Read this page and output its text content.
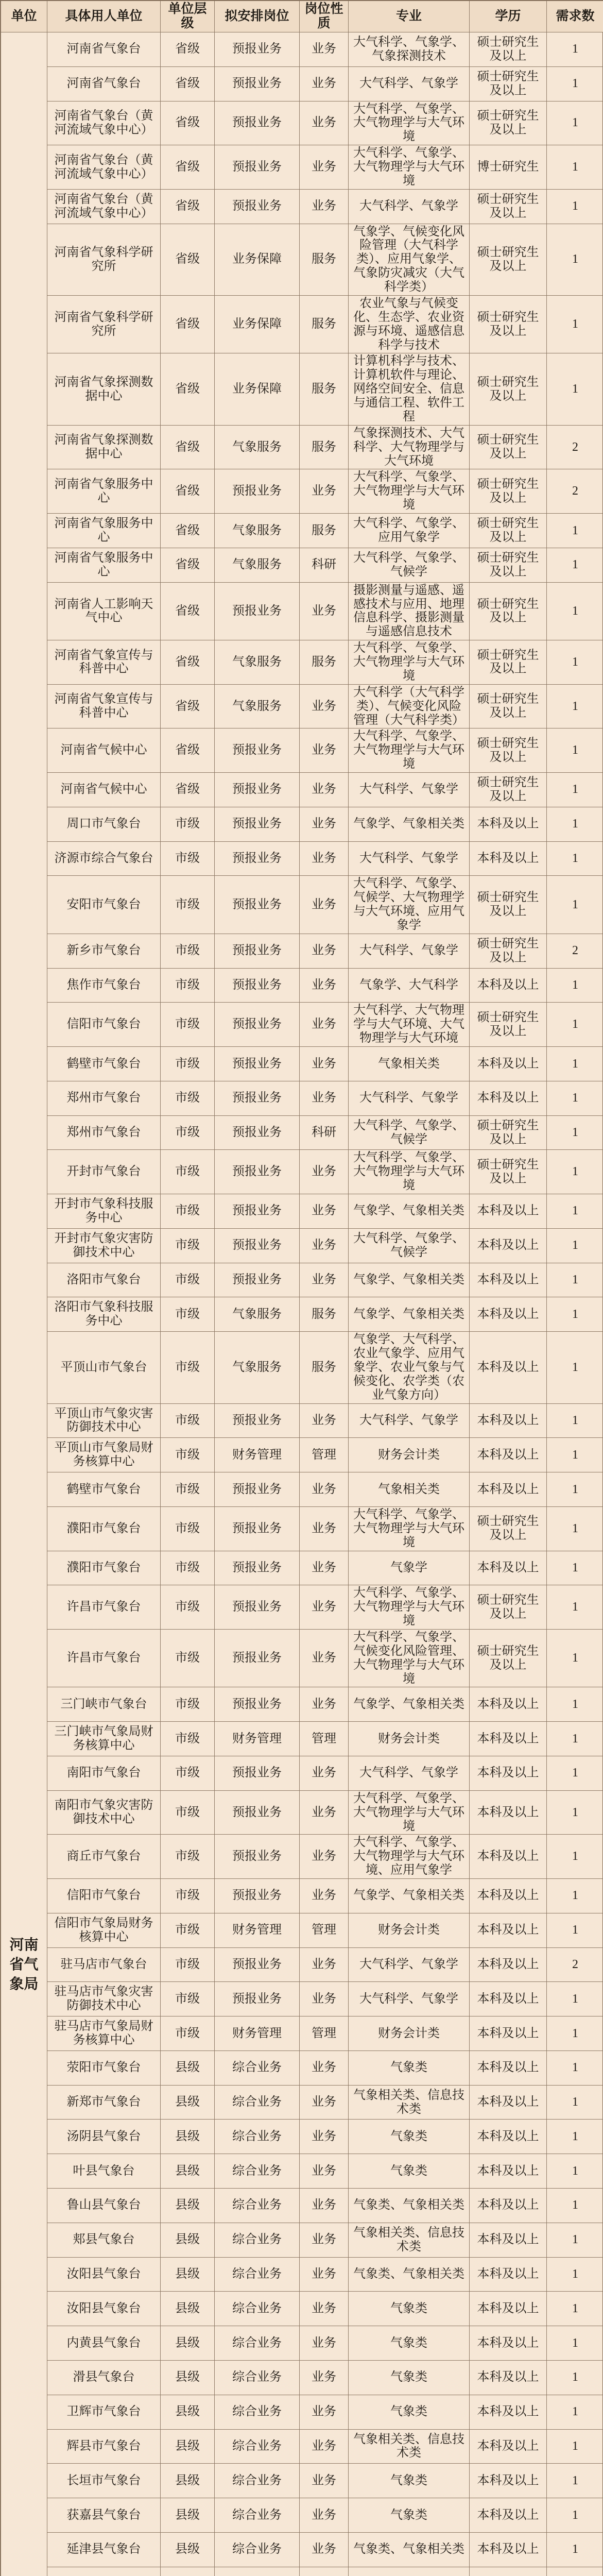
单位	具体用人单位	单位层级	拟安排岗位	岗位性质	专业	学历	需求数
河南省气象局	河南省气象台	省级	预报业务	业务	大气科学、气象学、气象探测技术	硕士研究生及以上	1
	河南省气象台	省级	预报业务	业务	大气科学、气象学	硕士研究生及以上	1
	河南省气象台（黄河流域气象中心）	省级	预报业务	业务	大气科学、气象学、大气物理学与大气环境	硕士研究生及以上	1
	河南省气象台（黄河流域气象中心）	省级	预报业务	业务	大气科学、气象学、大气物理学与大气环境	博士研究生	1
	河南省气象台（黄河流域气象中心）	省级	预报业务	业务	大气科学、气象学	硕士研究生及以上	1
	河南省气象科学研究所	省级	业务保障	服务	气象学、气候变化风险管理（大气科学类）、应用气象学、气象防灾减灾（大气科学类）	硕士研究生及以上	1
	河南省气象科学研究所	省级	业务保障	服务	农业气象与气候变化、生态学、农业资源与环境、遥感信息科学与技术	硕士研究生及以上	1
	河南省气象探测数据中心	省级	业务保障	服务	计算机科学与技术、计算机软件与理论、网络空间安全、信息与通信工程、软件工程	硕士研究生及以上	1
	河南省气象探测数据中心	省级	气象服务	服务	气象探测技术、大气科学、大气物理学与大气环境	硕士研究生及以上	2
	河南省气象服务中心	省级	预报业务	业务	大气科学、气象学、大气物理学与大气环境	硕士研究生及以上	2
	河南省气象服务中心	省级	气象服务	服务	大气科学、气象学、应用气象学	硕士研究生及以上	1
	河南省气象服务中心	省级	气象服务	科研	大气科学、气象学、气候学	硕士研究生及以上	1
	河南省人工影响天气中心	省级	预报业务	业务	摄影测量与遥感、遥感技术与应用、地理信息科学、摄影测量与遥感信息技术	硕士研究生及以上	1
	河南省气象宣传与科普中心	省级	气象服务	服务	大气科学、气象学、大气物理学与大气环境	硕士研究生及以上	1
	河南省气象宣传与科普中心	省级	气象服务	业务	大气科学（大气科学类）、气候变化风险管理（大气科学类）	硕士研究生及以上	1
	河南省气候中心	省级	预报业务	业务	大气科学、气象学、大气物理学与大气环境	硕士研究生及以上	1
	河南省气候中心	省级	预报业务	业务	大气科学、气象学	硕士研究生及以上	1
	周口市气象台	市级	预报业务	业务	气象学、气象相关类	本科及以上	1
	济源市综合气象台	市级	预报业务	业务	大气科学、气象学	本科及以上	1
	安阳市气象台	市级	预报业务	业务	大气科学、气象学、气候学、大气物理学与大气环境、应用气象学	硕士研究生及以上	1
	新乡市气象台	市级	预报业务	业务	大气科学、气象学	硕士研究生及以上	2
	焦作市气象台	市级	预报业务	业务	气象学、大气科学	本科及以上	1
	信阳市气象台	市级	预报业务	业务	大气科学、大气物理学与大气环境、大气物理学与大气环境	硕士研究生及以上	1
	鹤壁市气象台	市级	预报业务	业务	气象相关类	本科及以上	1
	郑州市气象台	市级	预报业务	业务	大气科学、气象学	本科及以上	1
	郑州市气象台	市级	预报业务	科研	大气科学、气象学、气候学	硕士研究生及以上	1
	开封市气象台	市级	预报业务	业务	大气科学、气象学、大气物理学与大气环境	硕士研究生及以上	1
	开封市气象科技服务中心	市级	预报业务	业务	气象学、气象相关类	本科及以上	1
	开封市气象灾害防御技术中心	市级	预报业务	业务	大气科学、气象学、气候学	本科及以上	1
	洛阳市气象台	市级	预报业务	业务	气象学、气象相关类	本科及以上	1
	洛阳市气象科技服务中心	市级	气象服务	服务	气象学、气象相关类	本科及以上	1
	平顶山市气象台	市级	气象服务	服务	气象学、大气科学、农业气象学、应用气象学、农业气象与气候变化、农学类（农业气象方向）	本科及以上	1
	平顶山市气象灾害防御技术中心	市级	预报业务	业务	大气科学、气象学	本科及以上	1
	平顶山市气象局财务核算中心	市级	财务管理	管理	财务会计类	本科及以上	1
	鹤壁市气象台	市级	预报业务	业务	气象相关类	本科及以上	1
	濮阳市气象台	市级	预报业务	业务	大气科学、气象学、大气物理学与大气环境	硕士研究生及以上	1
	濮阳市气象台	市级	预报业务	业务	气象学	本科及以上	1
	许昌市气象台	市级	预报业务	业务	大气科学、气象学、大气物理学与大气环境	硕士研究生及以上	1
	许昌市气象台	市级	预报业务	业务	大气科学、气象学、气候变化风险管理、大气物理学与大气环境	硕士研究生及以上	1
	三门峡市气象台	市级	预报业务	业务	气象学、气象相关类	本科及以上	1
	三门峡市气象局财务核算中心	市级	财务管理	管理	财务会计类	本科及以上	1
	南阳市气象台	市级	预报业务	业务	大气科学、气象学	本科及以上	1
	南阳市气象灾害防御技术中心	市级	预报业务	业务	大气科学、气象学、大气物理学与大气环境	本科及以上	1
	商丘市气象台	市级	预报业务	业务	大气科学、气象学、大气物理学与大气环境、应用气象学	本科及以上	1
	信阳市气象台	市级	预报业务	业务	气象学、气象相关类	本科及以上	1
	信阳市气象局财务核算中心	市级	财务管理	管理	财务会计类	本科及以上	1
	驻马店市气象台	市级	预报业务	业务	大气科学、气象学	本科及以上	2
	驻马店市气象灾害防御技术中心	市级	预报业务	业务	大气科学、气象学	本科及以上	1
	驻马店市气象局财务核算中心	市级	财务管理	管理	财务会计类	本科及以上	1
	荥阳市气象台	县级	综合业务	业务	气象类	本科及以上	1
	新郑市气象台	县级	综合业务	业务	气象相关类、信息技术类	本科及以上	1
	汤阴县气象台	县级	综合业务	业务	气象类	本科及以上	1
	叶县气象台	县级	综合业务	业务	气象类	本科及以上	1
	鲁山县气象台	县级	综合业务	业务	气象类、气象相关类	本科及以上	1
	郏县气象台	县级	综合业务	业务	气象相关类、信息技术类	本科及以上	1
	汝阳县气象台	县级	综合业务	业务	气象类、气象相关类	本科及以上	1
	汝阳县气象台	县级	综合业务	业务	气象类	本科及以上	1
	内黄县气象台	县级	综合业务	业务	气象类	本科及以上	1
	滑县气象台	县级	综合业务	业务	气象类	本科及以上	1
	卫辉市气象台	县级	综合业务	业务	气象类	本科及以上	1
	辉县市气象台	县级	综合业务	业务	气象相关类、信息技术类	本科及以上	1
	长垣市气象台	县级	综合业务	业务	气象类	本科及以上	1
	获嘉县气象台	县级	综合业务	业务	气象类	本科及以上	1
	延津县气象台	县级	综合业务	业务	气象类、气象相关类	本科及以上	1
